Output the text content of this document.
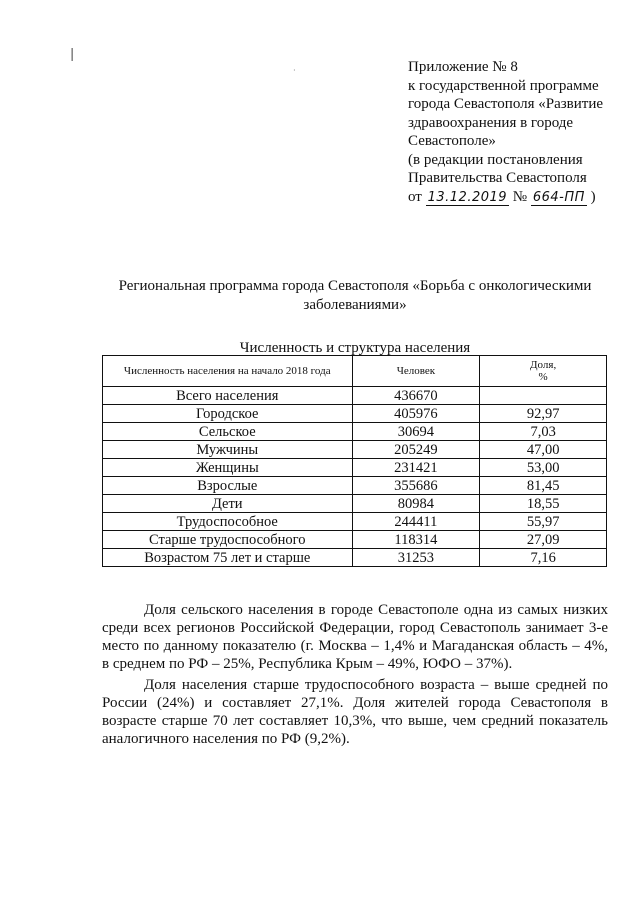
׀
·	Приложение № 8
к государственной программе
города Севастополя «Развитие
здравоохранения в городе
Севастополе»
(в редакции постановления
Правительства Севастополя
от 13.12.2019 № 664-ПП )
Региональная программа города Севастополя «Борьба с онкологическими
заболеваниями»
Численность и структура населения
Численность населения на начало 2018 года	Человек	Доля,
%
Всего населения	436670	
Городское	405976	92,97
Сельское	30694	7,03
Мужчины	205249	47,00
Женщины	231421	53,00
Взрослые	355686	81,45
Дети	80984	18,55
Трудоспособное	244411	55,97
Старше трудоспособного	118314	27,09
Возрастом 75 лет и старше	31253	7,16

Доля сельского населения в городе Севастополе одна из самых низких среди всех регионов Российской Федерации, город Севастополь занимает 3-е место по данному показателю (г. Москва – 1,4% и Магаданская область – 4%, в среднем по РФ – 25%, Республика Крым – 49%, ЮФО – 37%).

Доля населения старше трудоспособного возраста – выше средней по России (24%) и составляет 27,1%. Доля жителей города Севастополя в возрасте старше 70 лет составляет 10,3%, что выше, чем средний показатель аналогичного населения по РФ (9,2%).
